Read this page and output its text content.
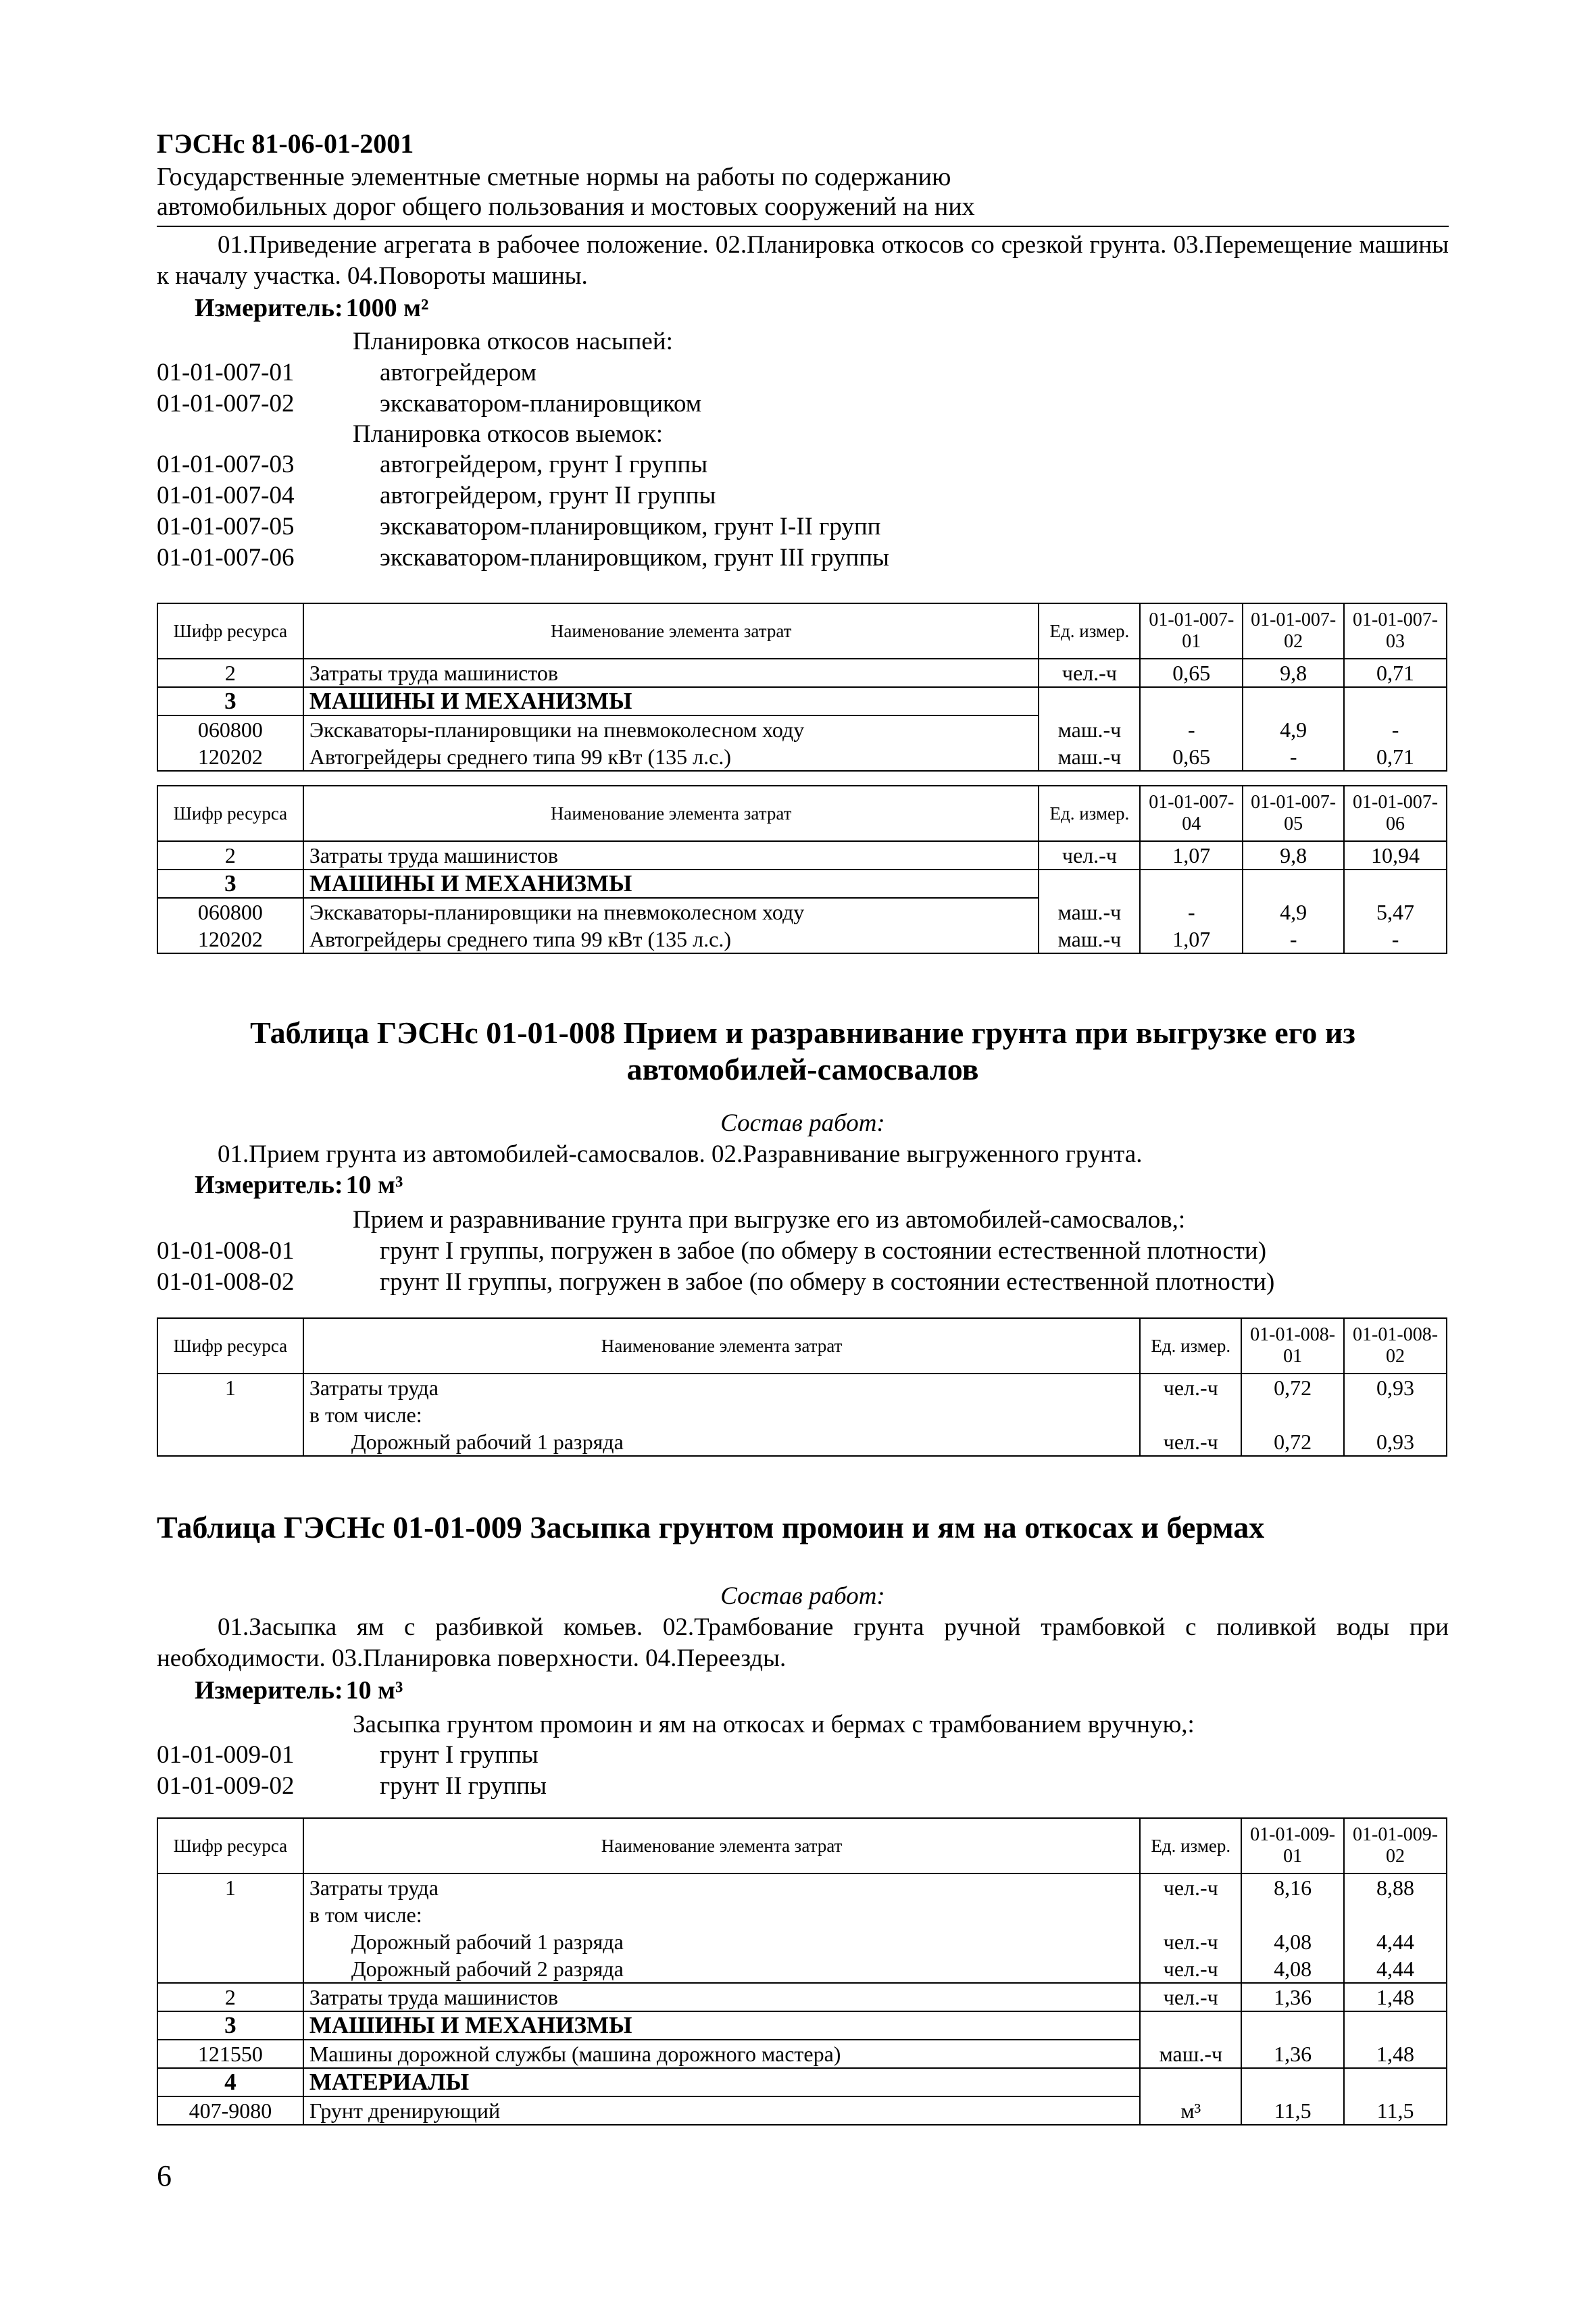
ГЭСНс 81-06-01-2001
Государственные элементные сметные нормы на работы по содержанию
автомобильных дорог общего пользования и мостовых сооружений на них
01.Приведение агрегата в рабочее положение. 02.Планировка откосов со срезкой грунта. 03.Перемещение машины к началу участка. 04.Повороты машины.
Измеритель: 1000 м²
Планировка откосов насыпей:
01-01-007-01	автогрейдером
01-01-007-02	экскаватором-планировщиком
Планировка откосов выемок:
01-01-007-03	автогрейдером, грунт I группы
01-01-007-04	автогрейдером, грунт II группы
01-01-007-05	экскаватором-планировщиком, грунт I-II групп
01-01-007-06	экскаватором-планировщиком, грунт III группы
Шифр ресурса	Наименование элемента затрат	Ед. измер.	01-01-007-01	01-01-007-02	01-01-007-03
2	Затраты труда машинистов	чел.-ч	0,65	9,8	0,71
3	МАШИНЫ И МЕХАНИЗМЫ				
060800	Экскаваторы-планировщики на пневмоколесном ходу	маш.-ч	-	4,9	-
120202	Автогрейдеры среднего типа 99 кВт (135 л.с.)	маш.-ч	0,65	-	0,71
Шифр ресурса	Наименование элемента затрат	Ед. измер.	01-01-007-04	01-01-007-05	01-01-007-06
2	Затраты труда машинистов	чел.-ч	1,07	9,8	10,94
3	МАШИНЫ И МЕХАНИЗМЫ				
060800	Экскаваторы-планировщики на пневмоколесном ходу	маш.-ч	-	4,9	5,47
120202	Автогрейдеры среднего типа 99 кВт (135 л.с.)	маш.-ч	1,07	-	-
Таблица ГЭСНс 01-01-008 Прием и разравнивание грунта при выгрузке его из
автомобилей-самосвалов
Состав работ:
01.Прием грунта из автомобилей-самосвалов. 02.Разравнивание выгруженного грунта.
Измеритель: 10 м³
Прием и разравнивание грунта при выгрузке его из автомобилей-самосвалов,:
01-01-008-01	грунт I группы, погружен в забое (по обмеру в состоянии естественной плотности)
01-01-008-02	грунт II группы, погружен в забое (по обмеру в состоянии естественной плотности)
Шифр ресурса	Наименование элемента затрат	Ед. измер.	01-01-008-01	01-01-008-02
1	Затраты труда	чел.-ч	0,72	0,93
	в том числе:			
	Дорожный рабочий 1 разряда	чел.-ч	0,72	0,93
Таблица ГЭСНс 01-01-009 Засыпка грунтом промоин и ям на откосах и бермах
Состав работ:
01.Засыпка ям с разбивкой комьев. 02.Трамбование грунта ручной трамбовкой с поливкой воды при необходимости. 03.Планировка поверхности. 04.Переезды.
Измеритель: 10 м³
Засыпка грунтом промоин и ям на откосах и бермах с трамбованием вручную,:
01-01-009-01	грунт I группы
01-01-009-02	грунт II группы
Шифр ресурса	Наименование элемента затрат	Ед. измер.	01-01-009-01	01-01-009-02
1	Затраты труда	чел.-ч	8,16	8,88
	в том числе:			
	Дорожный рабочий 1 разряда	чел.-ч	4,08	4,44
	Дорожный рабочий 2 разряда	чел.-ч	4,08	4,44
2	Затраты труда машинистов	чел.-ч	1,36	1,48
3	МАШИНЫ И МЕХАНИЗМЫ			
121550	Машины дорожной службы (машина дорожного мастера)	маш.-ч	1,36	1,48
4	МАТЕРИАЛЫ			
407-9080	Грунт дренирующий	м³	11,5	11,5
6
